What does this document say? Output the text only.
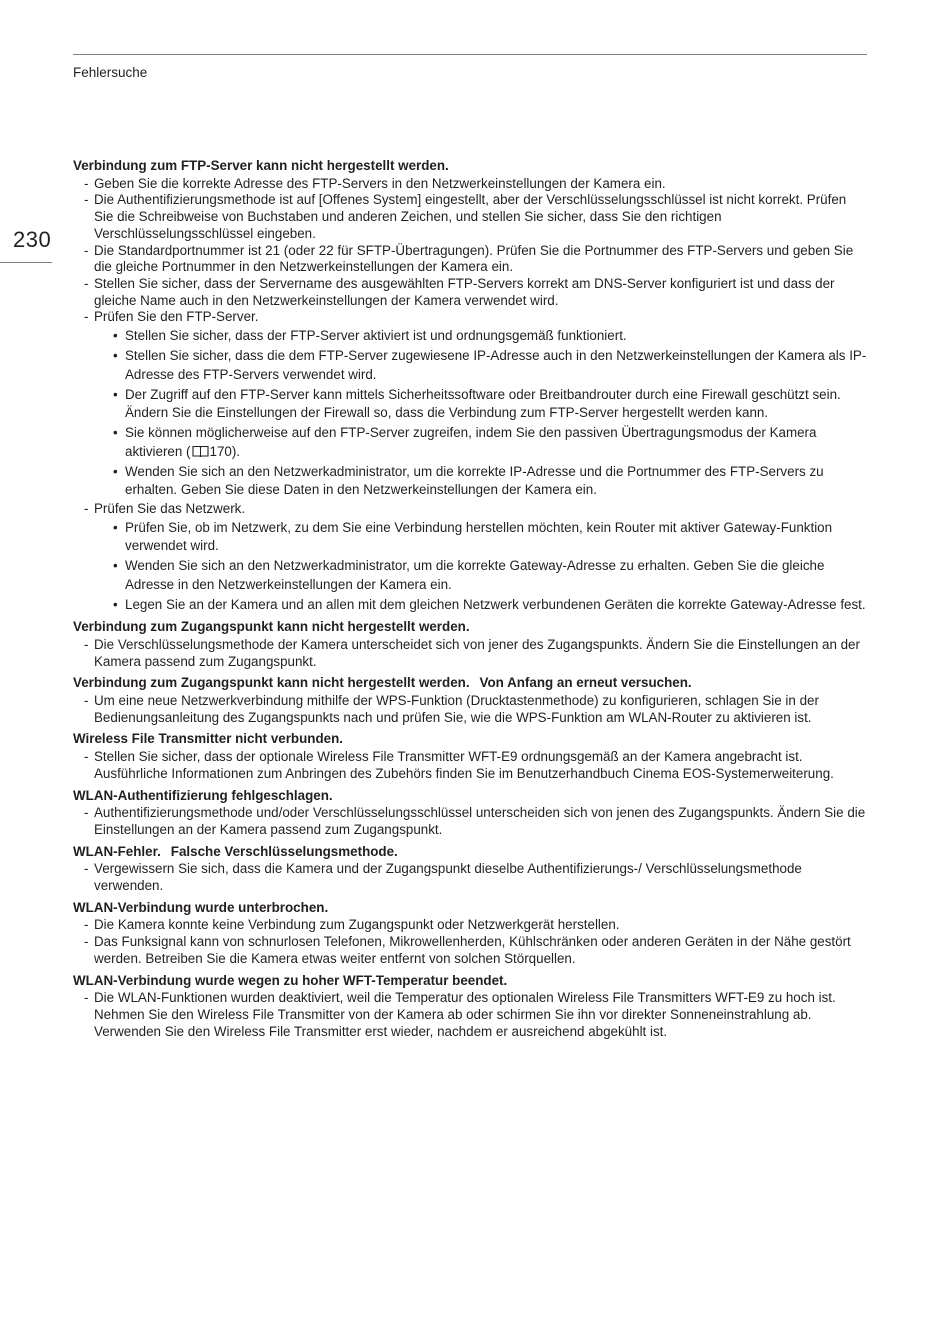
Fehlersuche
230
Verbindung zum FTP-Server kann nicht hergestellt werden.
- Geben Sie die korrekte Adresse des FTP-Servers in den Netzwerkeinstellungen der Kamera ein.
- Die Authentifizierungsmethode ist auf [Offenes System] eingestellt, aber der Verschlüsselungsschlüssel ist nicht korrekt. Prüfen Sie die Schreibweise von Buchstaben und anderen Zeichen, und stellen Sie sicher, dass Sie den richtigen Verschlüsselungsschlüssel eingeben.
- Die Standardportnummer ist 21 (oder 22 für SFTP-Übertragungen). Prüfen Sie die Portnummer des FTP-Servers und geben Sie die gleiche Portnummer in den Netzwerkeinstellungen der Kamera ein.
- Stellen Sie sicher, dass der Servername des ausgewählten FTP-Servers korrekt am DNS-Server konfiguriert ist und dass der gleiche Name auch in den Netzwerkeinstellungen der Kamera verwendet wird.
- Prüfen Sie den FTP-Server.
• Stellen Sie sicher, dass der FTP-Server aktiviert ist und ordnungsgemäß funktioniert.
• Stellen Sie sicher, dass die dem FTP-Server zugewiesene IP-Adresse auch in den Netzwerkeinstellungen der Kamera als IP-Adresse des FTP-Servers verwendet wird.
• Der Zugriff auf den FTP-Server kann mittels Sicherheitssoftware oder Breitbandrouter durch eine Firewall geschützt sein. Ändern Sie die Einstellungen der Firewall so, dass die Verbindung zum FTP-Server hergestellt werden kann.
• Sie können möglicherweise auf den FTP-Server zugreifen, indem Sie den passiven Übertragungsmodus der Kamera aktivieren ( 170).
• Wenden Sie sich an den Netzwerkadministrator, um die korrekte IP-Adresse und die Portnummer des FTP-Servers zu erhalten. Geben Sie diese Daten in den Netzwerkeinstellungen der Kamera ein.
- Prüfen Sie das Netzwerk.
• Prüfen Sie, ob im Netzwerk, zu dem Sie eine Verbindung herstellen möchten, kein Router mit aktiver Gateway-Funktion verwendet wird.
• Wenden Sie sich an den Netzwerkadministrator, um die korrekte Gateway-Adresse zu erhalten. Geben Sie die gleiche Adresse in den Netzwerkeinstellungen der Kamera ein.
• Legen Sie an der Kamera und an allen mit dem gleichen Netzwerk verbundenen Geräten die korrekte Gateway-Adresse fest.
Verbindung zum Zugangspunkt kann nicht hergestellt werden.
- Die Verschlüsselungsmethode der Kamera unterscheidet sich von jener des Zugangspunkts. Ändern Sie die Einstellungen an der Kamera passend zum Zugangspunkt.
Verbindung zum Zugangspunkt kann nicht hergestellt werden. Von Anfang an erneut versuchen.
- Um eine neue Netzwerkverbindung mithilfe der WPS-Funktion (Drucktastenmethode) zu konfigurieren, schlagen Sie in der Bedienungsanleitung des Zugangspunkts nach und prüfen Sie, wie die WPS-Funktion am WLAN-Router zu aktivieren ist.
Wireless File Transmitter nicht verbunden.
- Stellen Sie sicher, dass der optionale Wireless File Transmitter WFT-E9 ordnungsgemäß an der Kamera angebracht ist. Ausführliche Informationen zum Anbringen des Zubehörs finden Sie im Benutzerhandbuch Cinema EOS-Systemerweiterung.
WLAN-Authentifizierung fehlgeschlagen.
- Authentifizierungsmethode und/oder Verschlüsselungsschlüssel unterscheiden sich von jenen des Zugangspunkts. Ändern Sie die Einstellungen an der Kamera passend zum Zugangspunkt.
WLAN-Fehler. Falsche Verschlüsselungsmethode.
- Vergewissern Sie sich, dass die Kamera und der Zugangspunkt dieselbe Authentifizierungs-/ Verschlüsselungsmethode verwenden.
WLAN-Verbindung wurde unterbrochen.
- Die Kamera konnte keine Verbindung zum Zugangspunkt oder Netzwerkgerät herstellen.
- Das Funksignal kann von schnurlosen Telefonen, Mikrowellenherden, Kühlschränken oder anderen Geräten in der Nähe gestört werden. Betreiben Sie die Kamera etwas weiter entfernt von solchen Störquellen.
WLAN-Verbindung wurde wegen zu hoher WFT-Temperatur beendet.
- Die WLAN-Funktionen wurden deaktiviert, weil die Temperatur des optionalen Wireless File Transmitters WFT-E9 zu hoch ist. Nehmen Sie den Wireless File Transmitter von der Kamera ab oder schirmen Sie ihn vor direkter Sonneneinstrahlung ab. Verwenden Sie den Wireless File Transmitter erst wieder, nachdem er ausreichend abgekühlt ist.
